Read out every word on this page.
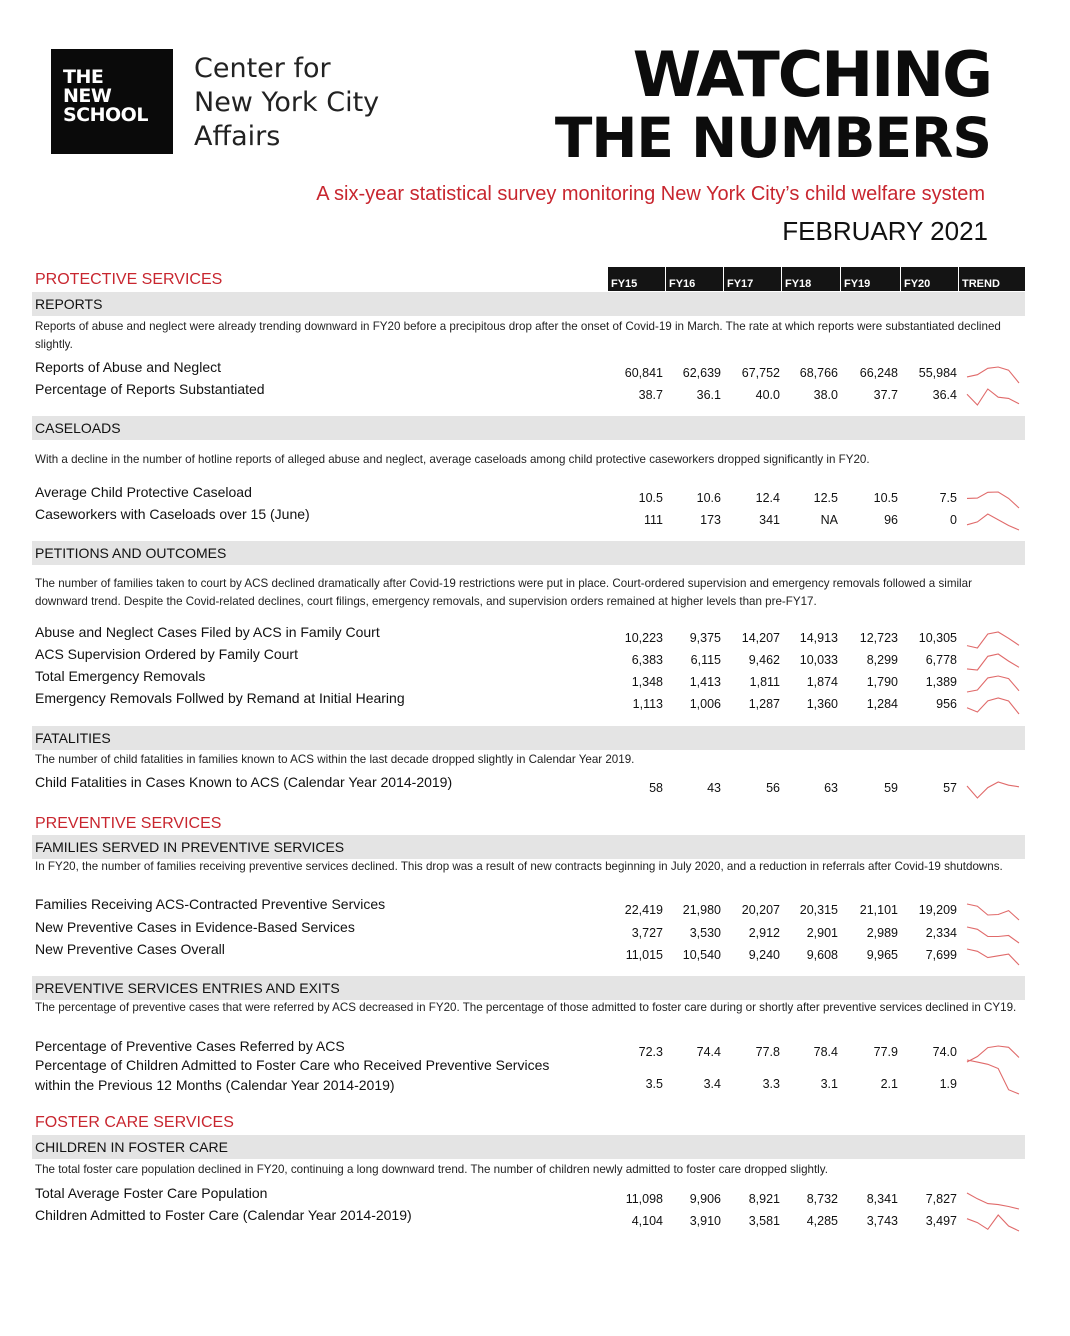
THE
NEW
SCHOOL
Center for
New York City
Affairs
WATCHING
THE NUMBERS
A six-year statistical survey monitoring New York City’s child welfare system
FEBRUARY 2021
FY15	FY16	FY17	FY18	FY19	FY20	TREND
PROTECTIVE SERVICES
PREVENTIVE SERVICES
FOSTER CARE SERVICES
REPORTS
CASELOADS
PETITIONS AND OUTCOMES
FATALITIES
FAMILIES SERVED IN PREVENTIVE SERVICES
PREVENTIVE SERVICES ENTRIES AND EXITS
CHILDREN IN FOSTER CARE
Reports of abuse and neglect were already trending downward in FY20 before a precipitous drop after the onset of Covid-19 in March. The rate at which reports were substantiated declined slightly.
With a decline in the number of hotline reports of alleged abuse and neglect, average caseloads among child protective caseworkers dropped significantly in FY20.
The number of families taken to court by ACS declined dramatically after Covid-19 restrictions were put in place. Court-ordered supervision and emergency removals followed a similar downward trend. Despite the Covid-related declines, court filings, emergency removals, and supervision orders remained at higher levels than pre-FY17.
The number of child fatalities in families known to ACS within the last decade dropped slightly in Calendar Year 2019.
In FY20, the number of families receiving preventive services declined. This drop was a result of new contracts beginning in July 2020, and a reduction in referrals after Covid-19 shutdowns.
The percentage of preventive cases that were referred by ACS decreased in FY20. The percentage of those admitted to foster care during or shortly after preventive services declined in CY19.
The total foster care population declined in FY20, continuing a long downward trend. The number of children newly admitted to foster care dropped slightly.
Reports of Abuse and Neglect	60,841	62,639	67,752	68,766	66,248	55,984
Percentage of Reports Substantiated	38.7	36.1	40.0	38.0	37.7	36.4
Average Child Protective Caseload	10.5	10.6	12.4	12.5	10.5	7.5
Caseworkers with Caseloads over 15 (June)	111	173	341	NA	96	0
Abuse and Neglect Cases Filed by ACS in Family Court	10,223	9,375	14,207	14,913	12,723	10,305
ACS Supervision Ordered by Family Court	6,383	6,115	9,462	10,033	8,299	6,778
Total Emergency Removals	1,348	1,413	1,811	1,874	1,790	1,389
Emergency Removals Follwed by Remand at Initial Hearing	1,113	1,006	1,287	1,360	1,284	956
Child Fatalities in Cases Known to ACS (Calendar Year 2014-2019)	58	43	56	63	59	57
Families Receiving ACS-Contracted Preventive Services	22,419	21,980	20,207	20,315	21,101	19,209
New Preventive Cases in Evidence-Based Services	3,727	3,530	2,912	2,901	2,989	2,334
New Preventive Cases Overall	11,015	10,540	9,240	9,608	9,965	7,699
Percentage of Preventive Cases Referred by ACS	72.3	74.4	77.8	78.4	77.9	74.0
Percentage of Children Admitted to Foster Care who Received Preventive Services
within the Previous 12 Months (Calendar Year 2014-2019)	3.5	3.4	3.3	3.1	2.1	1.9
Total Average Foster Care Population	11,098	9,906	8,921	8,732	8,341	7,827
Children Admitted to Foster Care (Calendar Year 2014-2019)	4,104	3,910	3,581	4,285	3,743	3,497
